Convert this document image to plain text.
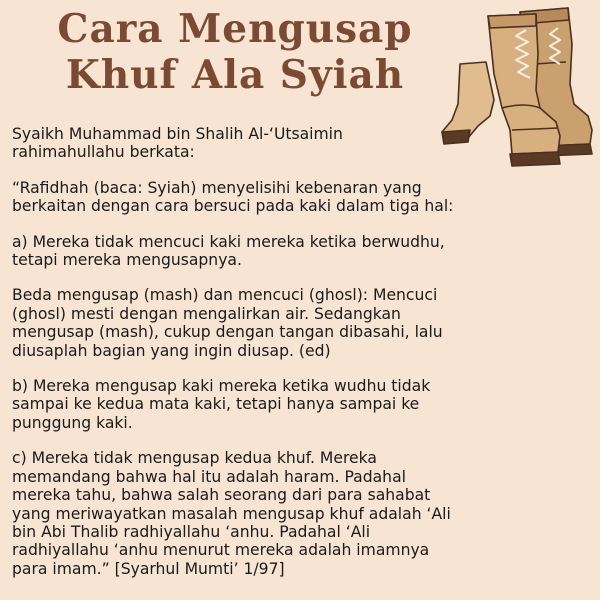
Cara Mengusap
Khuf Ala Syiah

Syaikh Muhammad bin Shalih Al-‘Utsaimin
rahimahullahu berkata:

“Rafidhah (baca: Syiah) menyelisihi kebenaran yang
berkaitan dengan cara bersuci pada kaki dalam tiga hal:

a) Mereka tidak mencuci kaki mereka ketika berwudhu,
tetapi mereka mengusapnya.

Beda mengusap (mash) dan mencuci (ghosl): Mencuci
(ghosl) mesti dengan mengalirkan air. Sedangkan
mengusap (mash), cukup dengan tangan dibasahi, lalu
diusaplah bagian yang ingin diusap. (ed)

b) Mereka mengusap kaki mereka ketika wudhu tidak
sampai ke kedua mata kaki, tetapi hanya sampai ke
punggung kaki.

c) Mereka tidak mengusap kedua khuf. Mereka
memandang bahwa hal itu adalah haram. Padahal
mereka tahu, bahwa salah seorang dari para sahabat
yang meriwayatkan masalah mengusap khuf adalah ‘Ali
bin Abi Thalib radhiyallahu ‘anhu. Padahal ‘Ali
radhiyallahu ‘anhu menurut mereka adalah imamnya
para imam.” [Syarhul Mumti’ 1/97]
